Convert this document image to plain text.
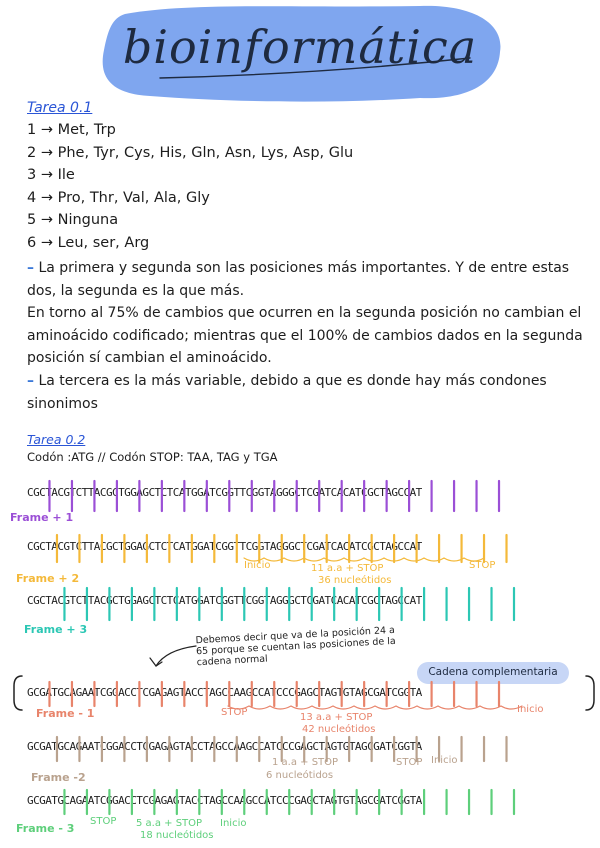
bioinformática
Tarea 0.1
1 → Met, Trp
2 → Phe, Tyr, Cys, His, Gln, Asn, Lys, Asp, Glu
3 → Ile
4 → Pro, Thr, Val, Ala, Gly
5 → Ninguna
6 → Leu, ser, Arg
– La primera y segunda son las posiciones más importantes. Y de entre estas dos, la segunda es la que más.
En torno al 75% de cambios que ocurren en la segunda posición no cambian el aminoácido codificado; mientras que el 100% de cambios dados en la segunda posición sí cambian el aminoácido.
– La tercera es la más variable, debido a que es donde hay más condones sinonimos
Tarea 0.2
Codón :ATG // Codón STOP: TAA, TAG y TGA
CGCTACGTCTTACGCTGGAGCTCTCATGGATCGGTTCGGTAGGGCTCGATCACATCGCTAGCCAT
CGCTACGTCTTACGCTGGAGCTCTCATGGATCGGTTCGGTAGGGCTCGATCACATCGCTAGCCAT
CGCTACGTCTTACGCTGGAGCTCTCATGGATCGGTTCGGTAGGGCTCGATCACATCGCTAGCCAT
Frame + 1
Frame + 2
Frame + 3
Inicio	STOP
11 a.a + STOP
36 nucleótidos
Debemos decir que va de la posición 24 a 65 porque se cuentan las posiciones de la cadena normal
Cadena complementaria
GCGATGCAGAATCGGACCTCGAGAGTACCTAGCCAAGCCATCCCGAGCTAGTGTAGCGATCGGTA
GCGATGCAGAATCGGACCTCGAGAGTACCTAGCCAAGCCATCCCGAGCTAGTGTAGCGATCGGTA
GCGATGCAGAATCGGACCTCGAGAGTACCTAGCCAAGCCATCCCGAGCTAGTGTAGCGATCGGTA
Frame - 1
Frame -2
Frame - 3
STOP	Inicio
13 a.a + STOP
42 nucleótidos
1 a.a + STOP
6 nucleótidos
STOP Inicio
STOP 5 a.a + STOP
18 nucleótidos
Inicio
